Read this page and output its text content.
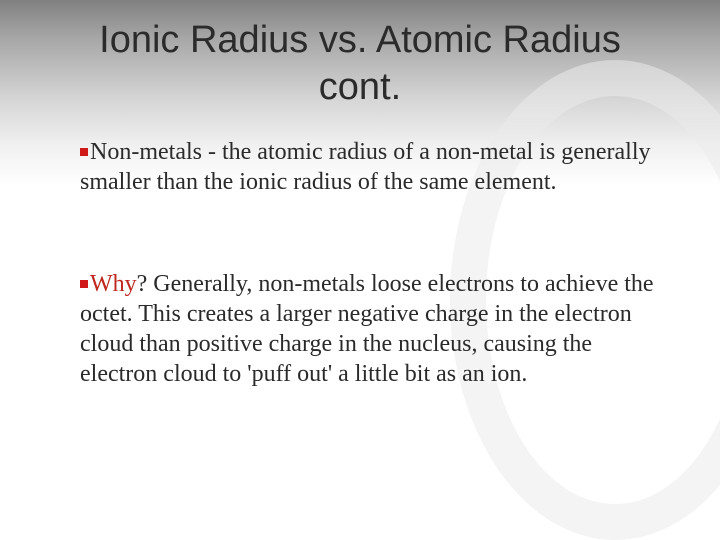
Ionic Radius vs. Atomic Radius cont.
Non-metals - the atomic radius of a non-metal is generally smaller than the ionic radius of the same element.
Why? Generally, non-metals loose electrons to achieve the octet. This creates a larger negative charge in the electron cloud than positive charge in the nucleus, causing the electron cloud to 'puff out' a little bit as an ion.
